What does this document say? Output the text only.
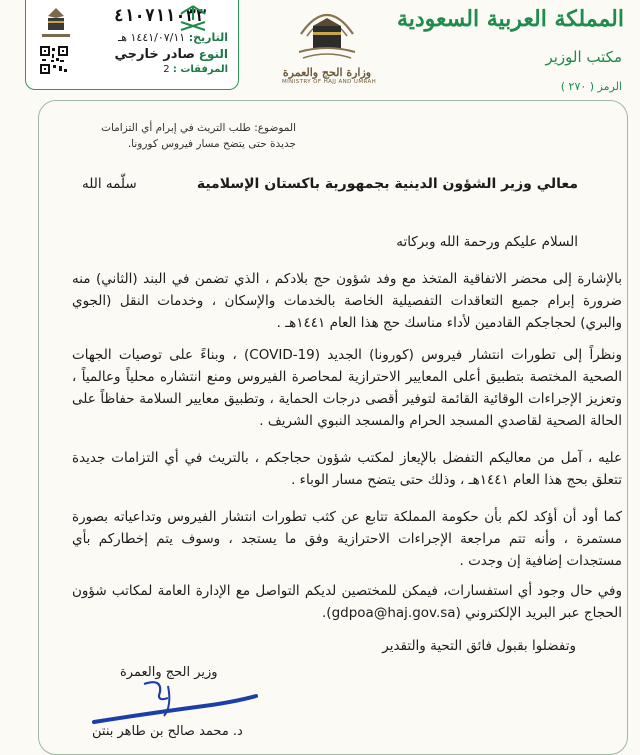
٤١٠٧١١٠٣٣
التاريخ: ١٤٤١/٠٧/١١ هـ
النوع صادر خارجي
المرفقات : 2	وزارة الحج والعمرة
MINISTRY OF HAJJ AND UMRAH
المملكة العربية السعودية
مكتب الوزير
الرمز ( ٢٧٠ )
الموضوع: طلب التريث في إبرام أي التزامات جديدة حتى يتضح مسار فيروس كورونا.
معالي وزير الشؤون الدينية بجمهورية باكستان الإسلامية
سلّمه الله
السلام عليكم ورحمة الله وبركاته
بالإشارة إلى محضر الاتفاقية المتخذ مع وفد شؤون حج بلادكم ، الذي تضمن في البند (الثاني) منه ضرورة إبرام جميع التعاقدات التفصيلية الخاصة بالخدمات والإسكان ، وخدمات النقل (الجوي والبري) لحجاجكم القادمين لأداء مناسك حج هذا العام ١٤٤١هـ .
ونظراً إلى تطورات انتشار فيروس (كورونا) الجديد (COVID-19) ، وبناءً على توصيات الجهات الصحية المختصة بتطبيق أعلى المعايير الاحترازية لمحاصرة الفيروس ومنع انتشاره محلياً وعالمياً ، وتعزيز الإجراءات الوقائية القائمة لتوفير أقصى درجات الحماية ، وتطبيق معايير السلامة حفاظاً على الحالة الصحية لقاصدي المسجد الحرام والمسجد النبوي الشريف .
عليه ، آمل من معاليكم التفضل بالإيعاز لمكتب شؤون حجاجكم ، بالتريث في أي التزامات جديدة تتعلق بحج هذا العام ١٤٤١هـ ، وذلك حتى يتضح مسار الوباء .
كما أود أن أؤكد لكم بأن حكومة المملكة تتابع عن كثب تطورات انتشار الفيروس وتداعياته بصورة مستمرة ، وأنه تتم مراجعة الإجراءات الاحترازية وفق ما يستجد ، وسوف يتم إخطاركم بأي مستجدات إضافية إن وجدت .
وفي حال وجود أي استفسارات، فيمكن للمختصين لديكم التواصل مع الإدارة العامة لمكاتب شؤون الحجاج عبر البريد الإلكتروني (gdpoa@haj.gov.sa).
وتفضلوا بقبول فائق التحية والتقدير
وزير الحج والعمرة
د. محمد صالح بن طاهر بنتن
